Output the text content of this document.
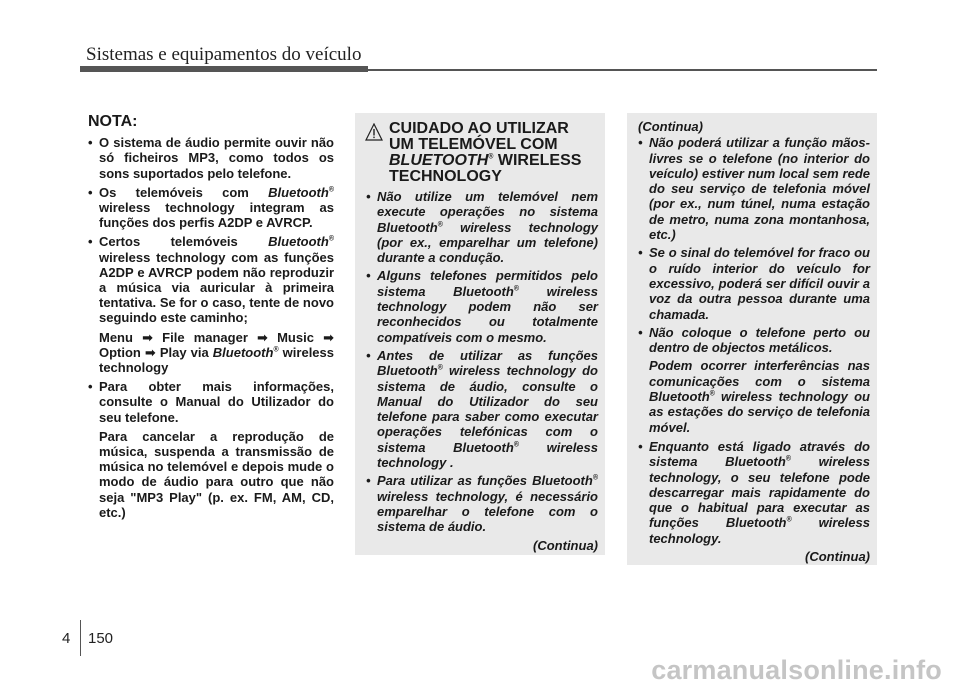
Sistemas e equipamentos do veículo
NOTA:
• O sistema de áudio permite ouvir não só ficheiros MP3, como todos os sons suportados pelo telefone.
• Os telemóveis com Bluetooth® wireless technology integram as funções dos perfis A2DP e AVRCP.
• Certos telemóveis Bluetooth® wireless technology com as funções A2DP e AVRCP podem não reproduzir a música via auricular à primeira tentativa. Se for o caso, tente de novo seguindo este caminho;
Menu ➡ File manager ➡ Music ➡ Option ➡ Play via Bluetooth® wireless technology
• Para obter mais informações, consulte o Manual do Utilizador do seu telefone.
Para cancelar a reprodução de música, suspenda a transmissão de música no telemóvel e depois mude o modo de áudio para outro que não seja "MP3 Play" (p. ex. FM, AM, CD, etc.)
CUIDADO AO UTILIZAR
UM TELEMÓVEL COM
BLUETOOTH® WIRELESS
TECHNOLOGY
• Não utilize um telemóvel nem execute operações no sistema Bluetooth® wireless technology (por ex., emparelhar um telefone) durante a condução.
• Alguns telefones permitidos pelo sistema Bluetooth® wireless technology podem não ser reconhecidos ou totalmente compatíveis com o mesmo.
• Antes de utilizar as funções Bluetooth® wireless technology do sistema de áudio, consulte o Manual do Utilizador do seu telefone para saber como executar operações telefónicas com o sistema Bluetooth® wireless technology .
• Para utilizar as funções Bluetooth® wireless technology, é necessário emparelhar o telefone com o sistema de áudio.
(Continua)
(Continua)
• Não poderá utilizar a função mãos-livres se o telefone (no interior do veículo) estiver num local sem rede do seu serviço de telefonia móvel (por ex., num túnel, numa estação de metro, numa zona montanhosa, etc.)
• Se o sinal do telemóvel for fraco ou o ruído interior do veículo for excessivo, poderá ser difícil ouvir a voz da outra pessoa durante uma chamada.
• Não coloque o telefone perto ou dentro de objectos metálicos.
Podem ocorrer interferências nas comunicações com o sistema Bluetooth® wireless technology ou as estações do serviço de telefonia móvel.
• Enquanto está ligado através do sistema Bluetooth® wireless technology, o seu telefone pode descarregar mais rapidamente do que o habitual para executar as funções Bluetooth® wireless technology.
(Continua)
4 150
carmanualsonline.info
